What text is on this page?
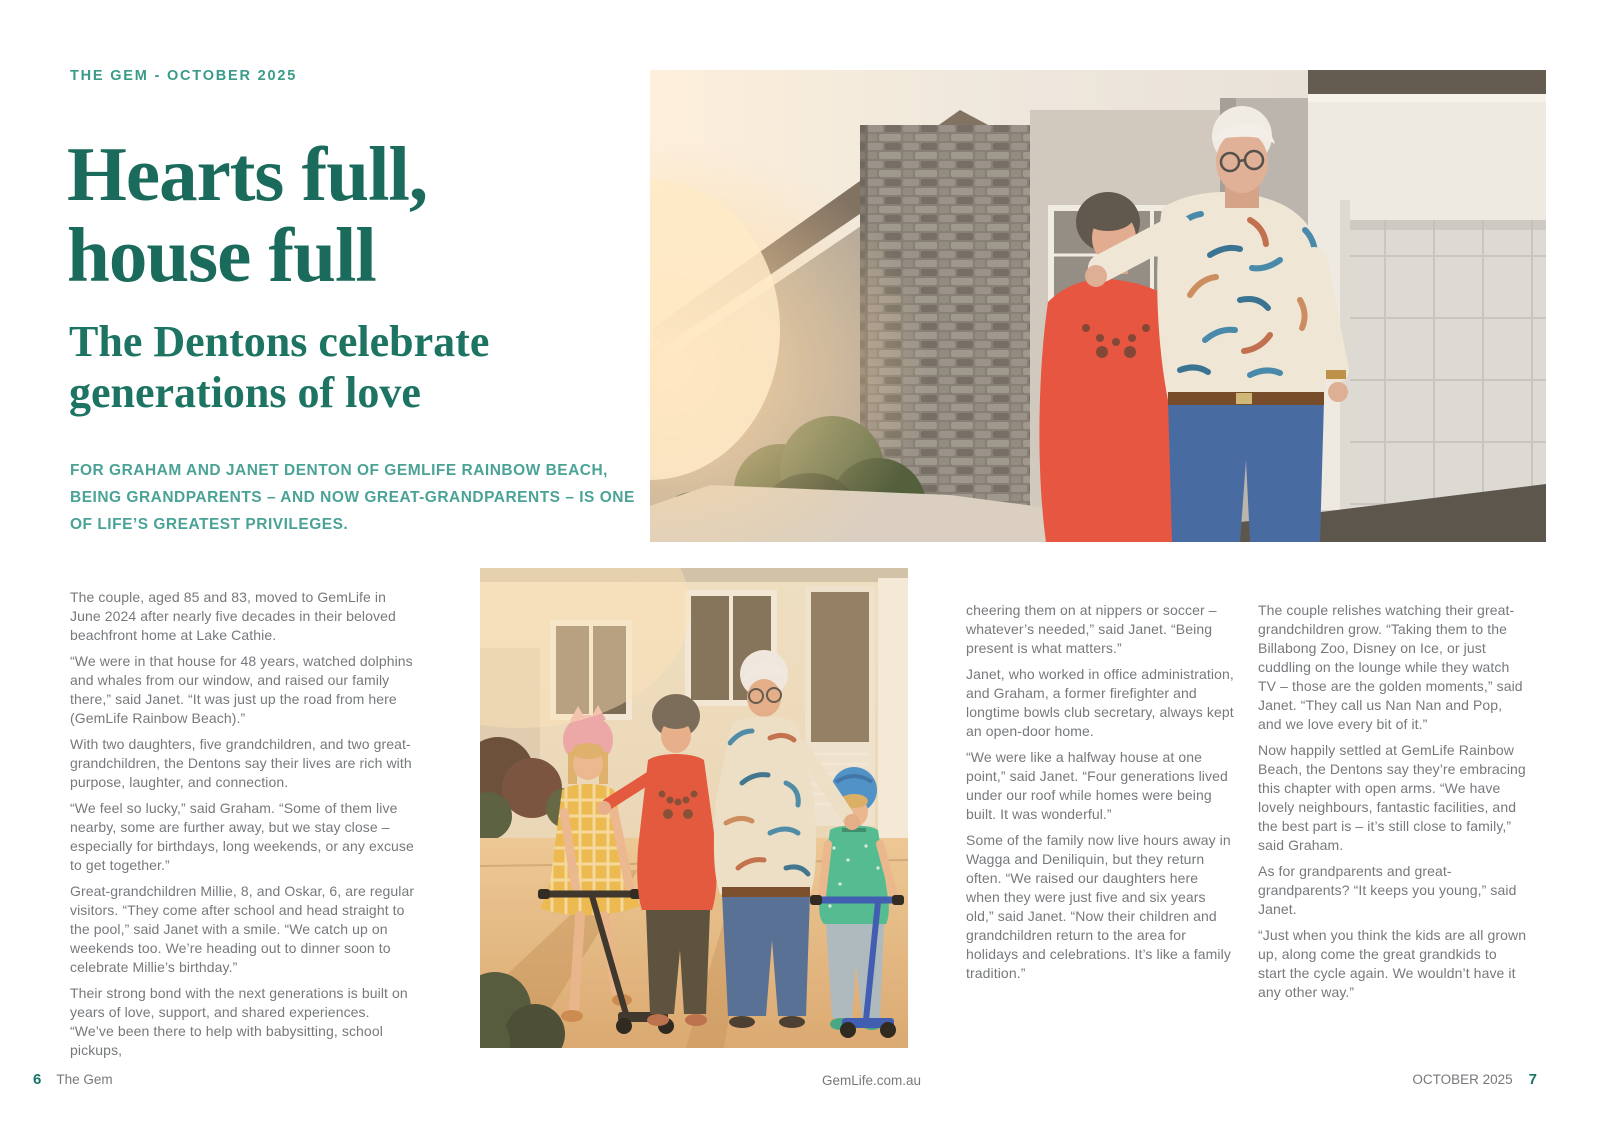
THE GEM - OCTOBER 2025
Hearts full,
house full
The Dentons celebrate
generations of love
FOR GRAHAM AND JANET DENTON OF GEMLIFE RAINBOW BEACH,
BEING GRANDPARENTS – AND NOW GREAT-GRANDPARENTS – IS ONE
OF LIFE’S GREATEST PRIVILEGES.

The couple, aged 85 and 83, moved to GemLife in June 2024 after nearly five decades in their beloved beachfront home at Lake Cathie.

“We were in that house for 48 years, watched dolphins and whales from our window, and raised our family there,” said Janet. “It was just up the road from here (GemLife Rainbow Beach).”

With two daughters, five grandchildren, and two great-grandchildren, the Dentons say their lives are rich with purpose, laughter, and connection.

“We feel so lucky,” said Graham. “Some of them live nearby, some are further away, but we stay close – especially for birthdays, long weekends, or any excuse to get together.”

Great-grandchildren Millie, 8, and Oskar, 6, are regular visitors. “They come after school and head straight to the pool,” said Janet with a smile. “We catch up on weekends too. We’re heading out to dinner soon to celebrate Millie’s birthday.”

Their strong bond with the next generations is built on years of love, support, and shared experiences. “We’ve been there to help with babysitting, school pickups,

cheering them on at nippers or soccer – whatever’s needed,” said Janet. “Being present is what matters.”

Janet, who worked in office administration, and Graham, a former firefighter and longtime bowls club secretary, always kept an open-door home.

“We were like a halfway house at one point,” said Janet. “Four generations lived under our roof while homes were being built. It was wonderful.”

Some of the family now live hours away in Wagga and Deniliquin, but they return often. “We raised our daughters here when they were just five and six years old,” said Janet. “Now their children and grandchildren return to the area for holidays and celebrations. It’s like a family tradition.”

The couple relishes watching their great-grandchildren grow. “Taking them to the Billabong Zoo, Disney on Ice, or just cuddling on the lounge while they watch TV – those are the golden moments,” said Janet. “They call us Nan Nan and Pop, and we love every bit of it.”

Now happily settled at GemLife Rainbow Beach, the Dentons say they’re embracing this chapter with open arms. “We have lovely neighbours, fantastic facilities, and the best part is – it’s still close to family,” said Graham.

As for grandparents and great-grandparents? “It keeps you young,” said Janet.

“Just when you think the kids are all grown up, along come the great grandkids to start the cycle again. We wouldn’t have it any other way.”

6 The Gem	GemLife.com.au	OCTOBER 2025 7
